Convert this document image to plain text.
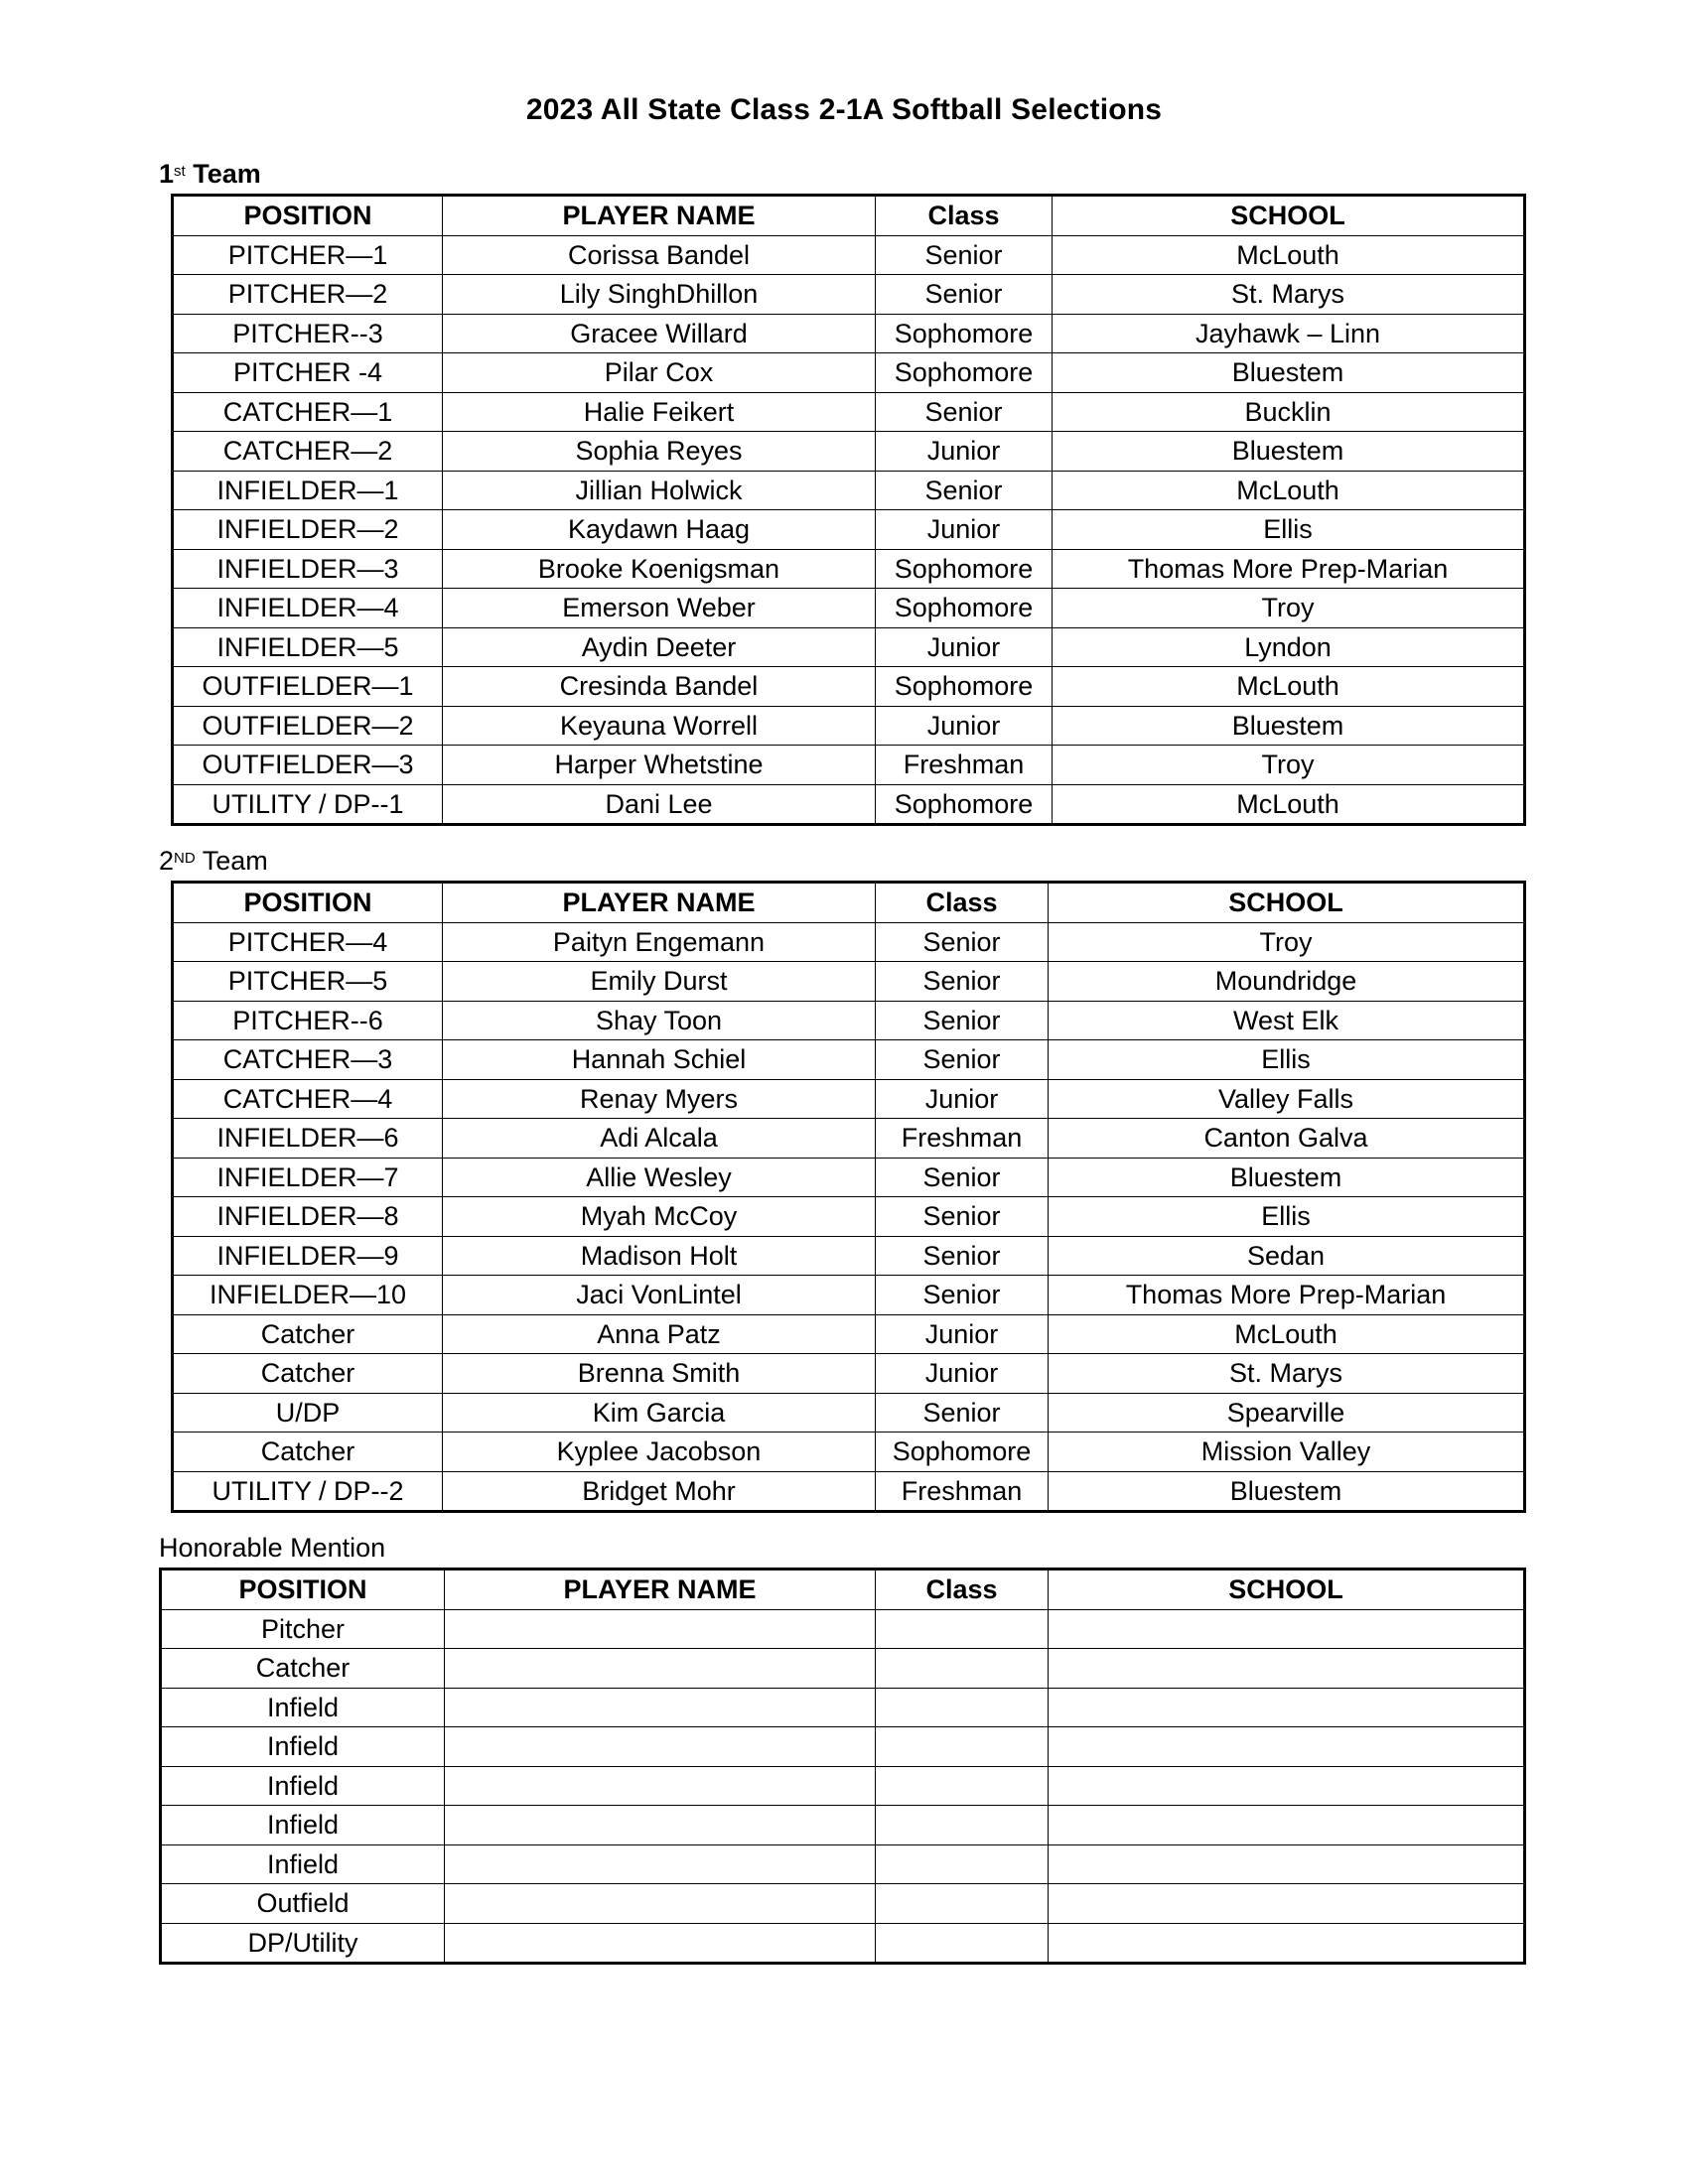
2023 All State Class 2-1A Softball Selections
1st Team
POSITION	PLAYER NAME	Class	SCHOOL
PITCHER—1	Corissa Bandel	Senior	McLouth
PITCHER—2	Lily SinghDhillon	Senior	St. Marys
PITCHER--3	Gracee Willard	Sophomore	Jayhawk – Linn
PITCHER -4	Pilar Cox	Sophomore	Bluestem
CATCHER—1	Halie Feikert	Senior	Bucklin
CATCHER—2	Sophia Reyes	Junior	Bluestem
INFIELDER—1	Jillian Holwick	Senior	McLouth
INFIELDER—2	Kaydawn Haag	Junior	Ellis
INFIELDER—3	Brooke Koenigsman	Sophomore	Thomas More Prep-Marian
INFIELDER—4	Emerson Weber	Sophomore	Troy
INFIELDER—5	Aydin Deeter	Junior	Lyndon
OUTFIELDER—1	Cresinda Bandel	Sophomore	McLouth
OUTFIELDER—2	Keyauna Worrell	Junior	Bluestem
OUTFIELDER—3	Harper Whetstine	Freshman	Troy
UTILITY / DP--1	Dani Lee	Sophomore	McLouth
2ND Team
POSITION	PLAYER NAME	Class	SCHOOL
PITCHER—4	Paityn Engemann	Senior	Troy
PITCHER—5	Emily Durst	Senior	Moundridge
PITCHER--6	Shay Toon	Senior	West Elk
CATCHER—3	Hannah Schiel	Senior	Ellis
CATCHER—4	Renay Myers	Junior	Valley Falls
INFIELDER—6	Adi Alcala	Freshman	Canton Galva
INFIELDER—7	Allie Wesley	Senior	Bluestem
INFIELDER—8	Myah McCoy	Senior	Ellis
INFIELDER—9	Madison Holt	Senior	Sedan
INFIELDER—10	Jaci VonLintel	Senior	Thomas More Prep-Marian
Catcher	Anna Patz	Junior	McLouth
Catcher	Brenna Smith	Junior	St. Marys
U/DP	Kim Garcia	Senior	Spearville
Catcher	Kyplee Jacobson	Sophomore	Mission Valley
UTILITY / DP--2	Bridget Mohr	Freshman	Bluestem
Honorable Mention
POSITION	PLAYER NAME	Class	SCHOOL
Pitcher			
Catcher			
Infield			
Infield			
Infield			
Infield			
Infield			
Outfield			
DP/Utility			
